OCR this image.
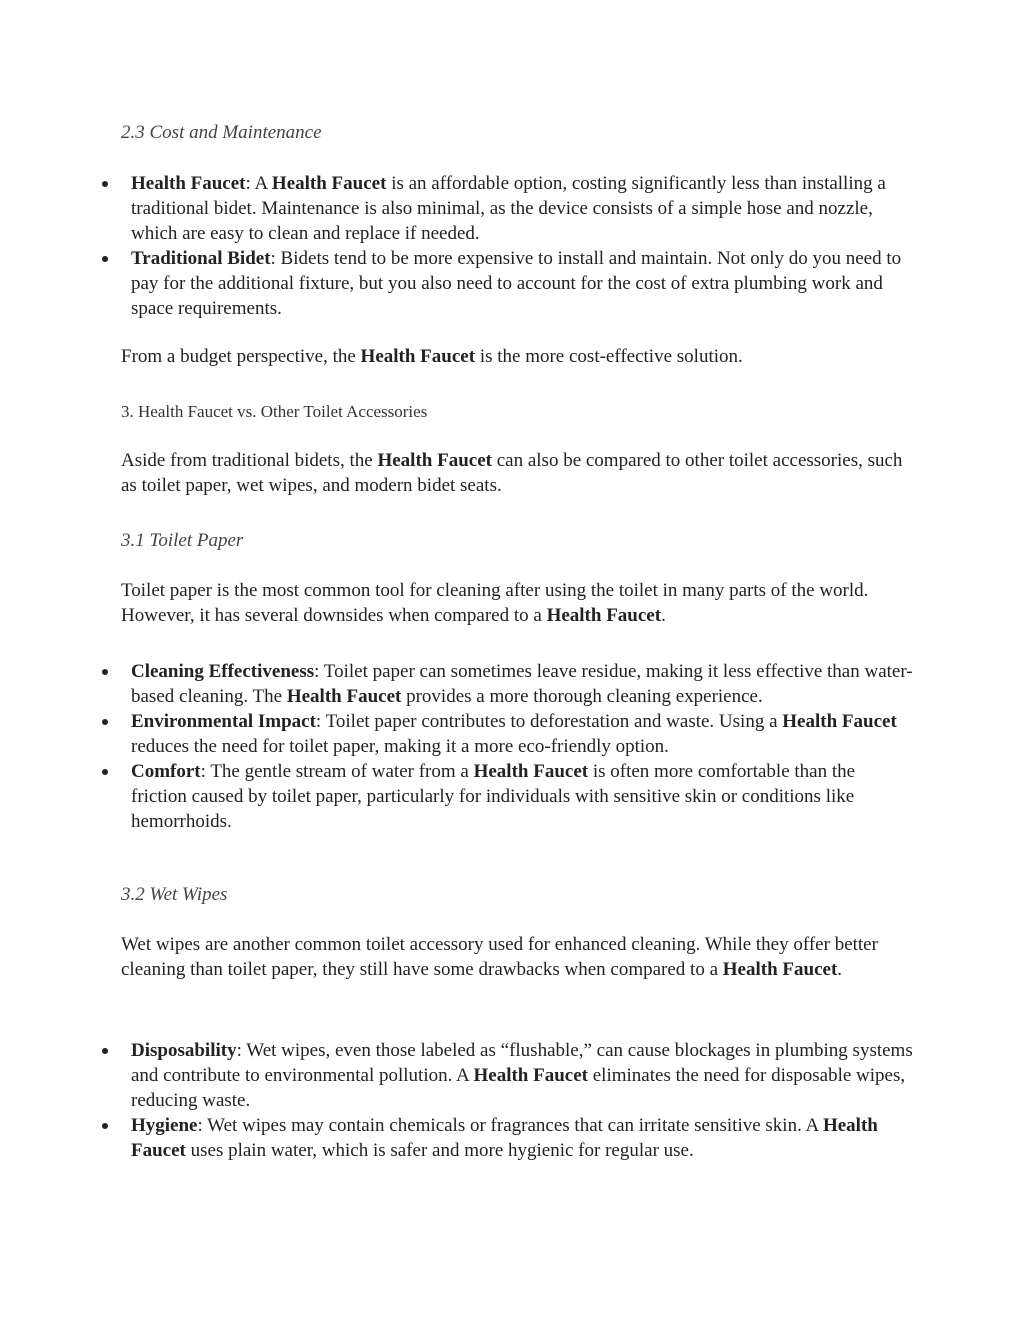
2.3 Cost and Maintenance
Health Faucet: A Health Faucet is an affordable option, costing significantly less than installing a traditional bidet. Maintenance is also minimal, as the device consists of a simple hose and nozzle, which are easy to clean and replace if needed.
Traditional Bidet: Bidets tend to be more expensive to install and maintain. Not only do you need to pay for the additional fixture, but you also need to account for the cost of extra plumbing work and space requirements.
From a budget perspective, the Health Faucet is the more cost-effective solution.
3. Health Faucet vs. Other Toilet Accessories
Aside from traditional bidets, the Health Faucet can also be compared to other toilet accessories, such as toilet paper, wet wipes, and modern bidet seats.
3.1 Toilet Paper
Toilet paper is the most common tool for cleaning after using the toilet in many parts of the world. However, it has several downsides when compared to a Health Faucet.
Cleaning Effectiveness: Toilet paper can sometimes leave residue, making it less effective than water-based cleaning. The Health Faucet provides a more thorough cleaning experience.
Environmental Impact: Toilet paper contributes to deforestation and waste. Using a Health Faucet reduces the need for toilet paper, making it a more eco-friendly option.
Comfort: The gentle stream of water from a Health Faucet is often more comfortable than the friction caused by toilet paper, particularly for individuals with sensitive skin or conditions like hemorrhoids.
3.2 Wet Wipes
Wet wipes are another common toilet accessory used for enhanced cleaning. While they offer better cleaning than toilet paper, they still have some drawbacks when compared to a Health Faucet.
Disposability: Wet wipes, even those labeled as “flushable,” can cause blockages in plumbing systems and contribute to environmental pollution. A Health Faucet eliminates the need for disposable wipes, reducing waste.
Hygiene: Wet wipes may contain chemicals or fragrances that can irritate sensitive skin. A Health Faucet uses plain water, which is safer and more hygienic for regular use.
